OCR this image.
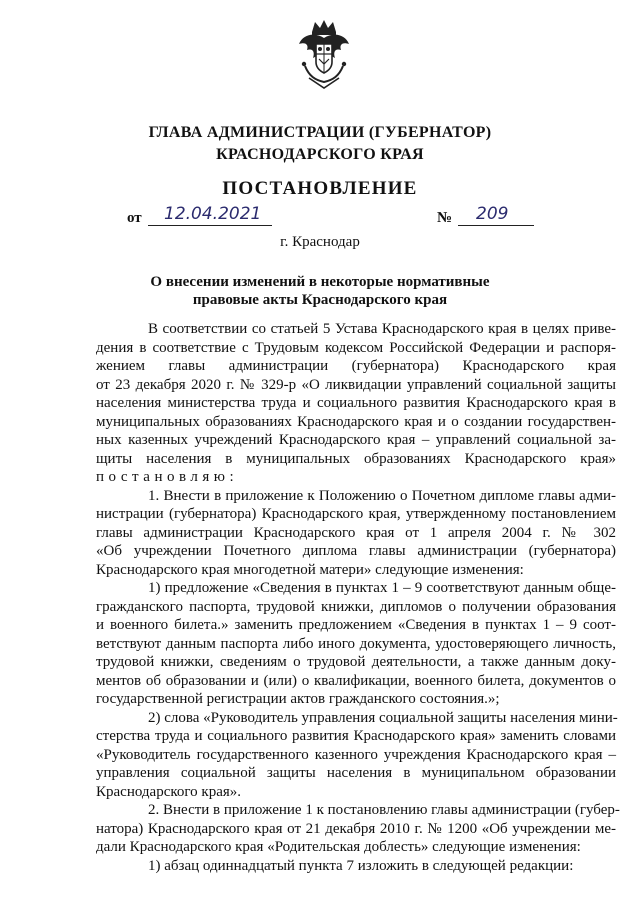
ГЛАВА АДМИНИСТРАЦИИ (ГУБЕРНАТОР)
КРАСНОДАРСКОГО КРАЯ
ПОСТАНОВЛЕНИЕ
от	12.04.2021	№	209
г. Краснодар
О внесении изменений в некоторые нормативные
правовые акты Краснодарского края
В соответствии со статьей 5 Устава Краснодарского края в целях приве-
дения в соответствие с Трудовым кодексом Российской Федерации и распоря-
жением главы администрации (губернатора) Краснодарского края
от 23 декабря 2020 г. № 329-р «О ликвидации управлений социальной защиты
населения министерства труда и социального развития Краснодарского края в
муниципальных образованиях Краснодарского края и о создании государствен-
ных казенных учреждений Краснодарского края – управлений социальной за-
щиты населения в муниципальных образованиях Краснодарского края»
постановляю:
1. Внести в приложение к Положению о Почетном дипломе главы адми-
нистрации (губернатора) Краснодарского края, утвержденному постановлением
главы администрации Краснодарского края от 1 апреля 2004 г. № 302
«Об учреждении Почетного диплома главы администрации (губернатора)
Краснодарского края многодетной матери» следующие изменения:
1) предложение «Сведения в пунктах 1 – 9 соответствуют данным обще-
гражданского паспорта, трудовой книжки, дипломов о получении образования
и военного билета.» заменить предложением «Сведения в пунктах 1 – 9 соот-
ветствуют данным паспорта либо иного документа, удостоверяющего личность,
трудовой книжки, сведениям о трудовой деятельности, а также данным доку-
ментов об образовании и (или) о квалификации, военного билета, документов о
государственной регистрации актов гражданского состояния.»;
2) слова «Руководитель управления социальной защиты населения мини-
стерства труда и социального развития Краснодарского края» заменить словами
«Руководитель государственного казенного учреждения Краснодарского края –
управления социальной защиты населения в муниципальном образовании
Краснодарского края».
2. Внести в приложение 1 к постановлению главы администрации (губер-
натора) Краснодарского края от 21 декабря 2010 г. № 1200 «Об учреждении ме-
дали Краснодарского края «Родительская доблесть» следующие изменения:
1) абзац одиннадцатый пункта 7 изложить в следующей редакции:
